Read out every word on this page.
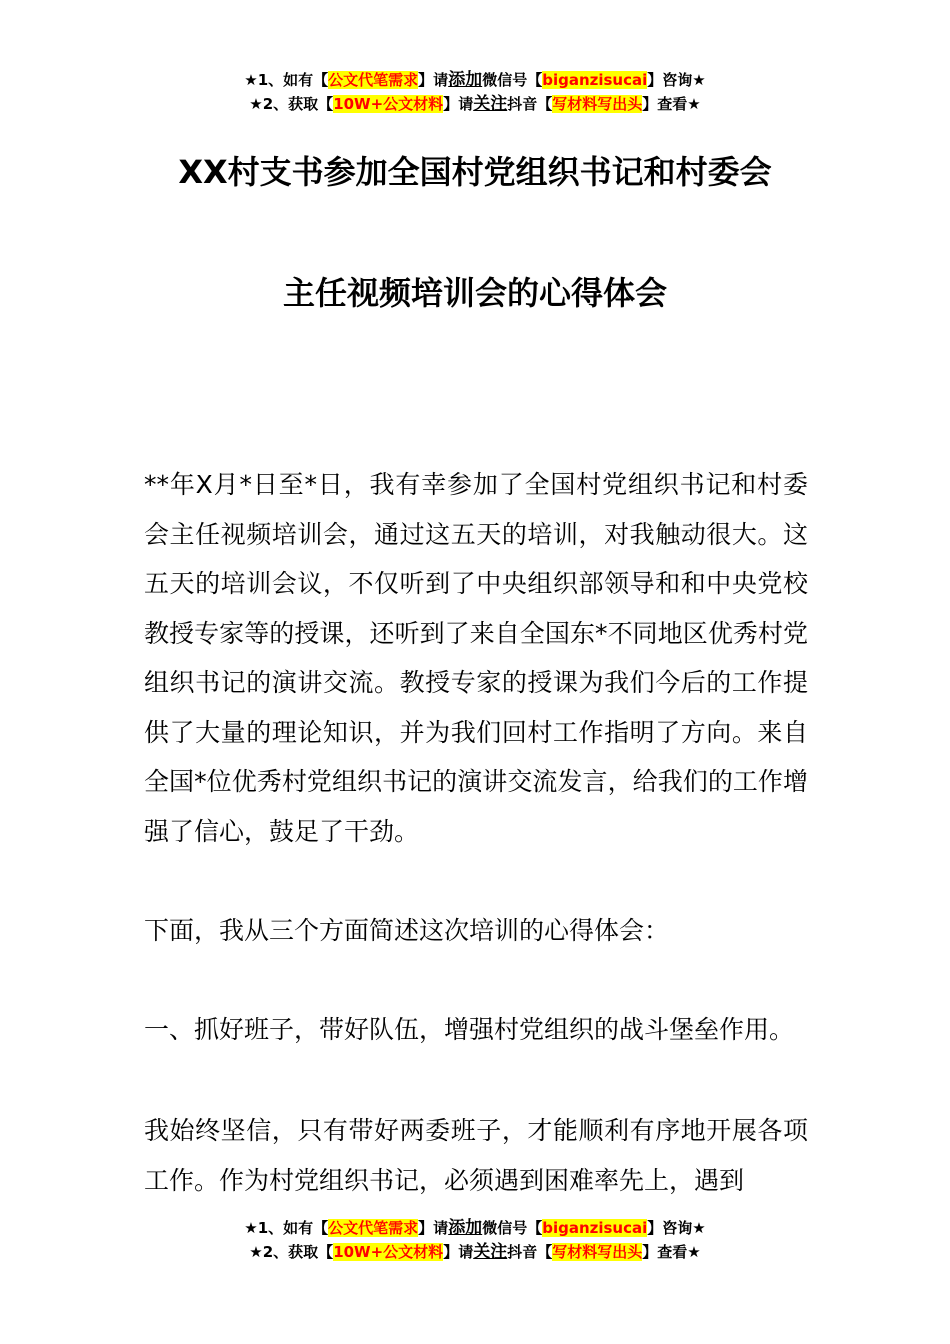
★1、如有【公文代笔需求】请添加微信号【biganzisucai】咨询★
★2、获取【10W+公文材料】请关注抖音【写材料写出头】查看★
XX村支书参加全国村党组织书记和村委会
主任视频培训会的心得体会

**年X月*日至*日，我有幸参加了全国村党组织书记和村委会主任视频培训会，通过这五天的培训，对我触动很大。这五天的培训会议，不仅听到了中央组织部领导和和中央党校教授专家等的授课，还听到了来自全国东*不同地区优秀村党组织书记的演讲交流。教授专家的授课为我们今后的工作提供了大量的理论知识，并为我们回村工作指明了方向。来自全国*位优秀村党组织书记的演讲交流发言，给我们的工作增强了信心，鼓足了干劲。

下面，我从三个方面简述这次培训的心得体会：

一、抓好班子，带好队伍，增强村党组织的战斗堡垒作用。

我始终坚信，只有带好两委班子，才能顺利有序地开展各项工作。作为村党组织书记，必须遇到困难率先上，遇到

★1、如有【公文代笔需求】请添加微信号【biganzisucai】咨询★
★2、获取【10W+公文材料】请关注抖音【写材料写出头】查看★
